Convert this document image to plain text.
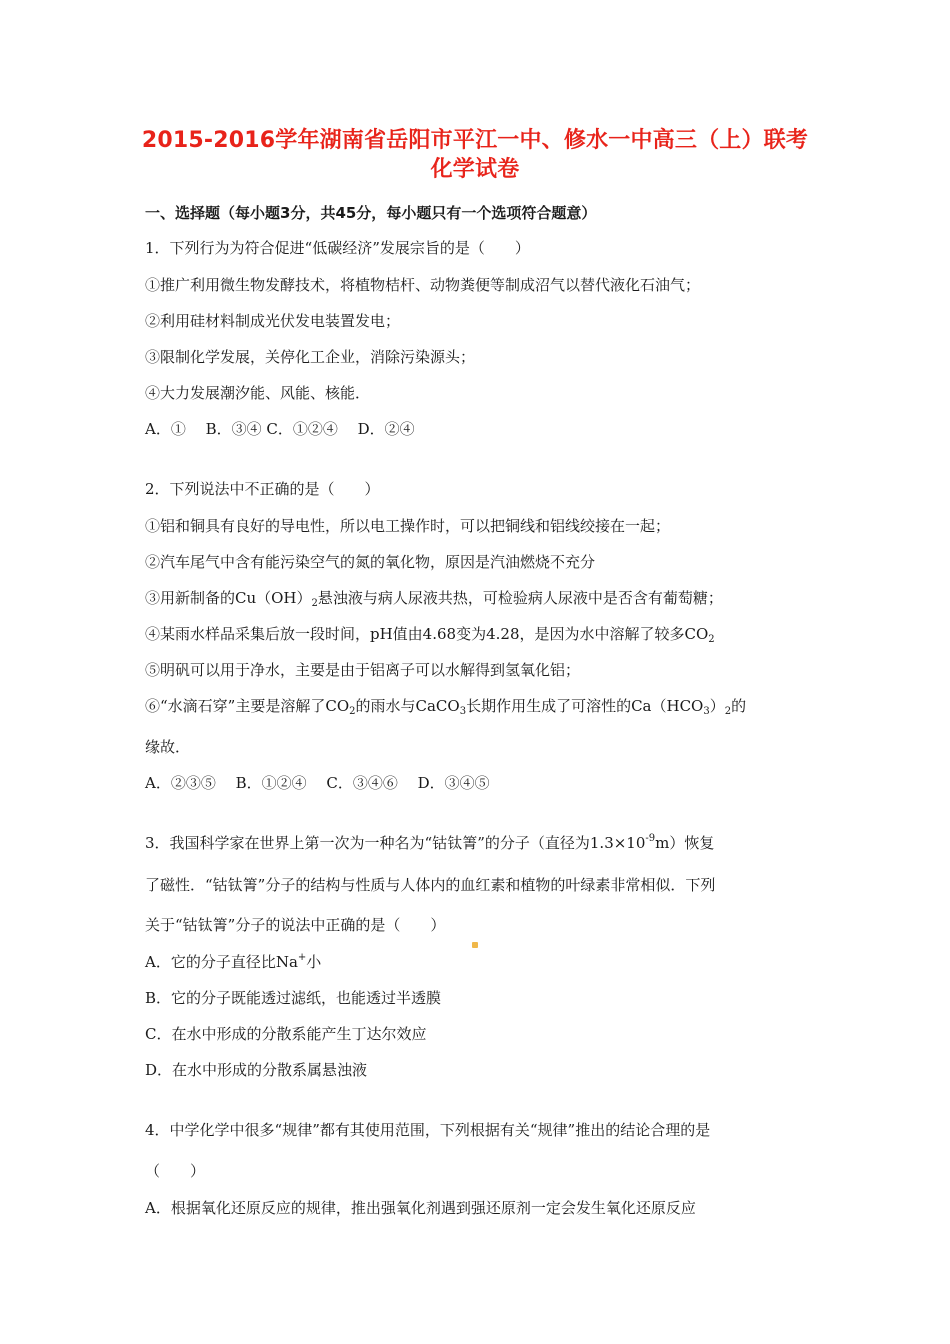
2015-2016学年湖南省岳阳市平江一中、修水一中高三（上）联考
化学试卷
一、选择题（每小题3分，共45分，每小题只有一个选项符合题意）
1．下列行为为符合促进“低碳经济”发展宗旨的是（　　）
①推广利用微生物发酵技术，将植物桔杆、动物粪便等制成沼气以替代液化石油气；
②利用硅材料制成光伏发电装置发电；
③限制化学发展，关停化工企业，消除污染源头；
④大力发展潮汐能、风能、核能．
A．①　 B．③④ C．①②④　 D．②④
2．下列说法中不正确的是（　　）
①铝和铜具有良好的导电性，所以电工操作时，可以把铜线和铝线绞接在一起；
②汽车尾气中含有能污染空气的氮的氧化物，原因是汽油燃烧不充分
③用新制备的$Cu(OH)_2$悬浊液与病人尿液共热，可检验病人尿液中是否含有葡萄糖；
④某雨水样品采集后放一段时间，pH值由4.68变为4.28，是因为水中溶解了较多$CO_2$
⑤明矾可以用于净水，主要是由于铝离子可以水解得到氢氧化铝；
⑥“水滴石穿”主要是溶解了$CO_2$的雨水与CaCO$_3$长期作用生成了可溶性的$Ca(HCO_3)_2$的
缘故．
A．②③⑤　 B．①②④　 C．③④⑥　 D．③④⑤
3．我国科学家在世界上第一次为一种名为“钴钛箐”的分子（直径为$1.3\times 10^{-9}m$）恢复
了磁性．“钴钛箐”分子的结构与性质与人体内的血红素和植物的叶绿素非常相似．下列
关于“钴钛箐”分子的说法中正确的是（　　）
A．它的分子直径比Na+小
B．它的分子既能透过滤纸，也能透过半透膜
C．在水中形成的分散系能产生丁达尔效应
D．在水中形成的分散系属悬浊液
4．中学化学中很多“规律”都有其使用范围，下列根据有关“规律”推出的结论合理的是
（　　）
A．根据氧化还原反应的规律，推出强氧化剂遇到强还原剂一定会发生氧化还原反应
